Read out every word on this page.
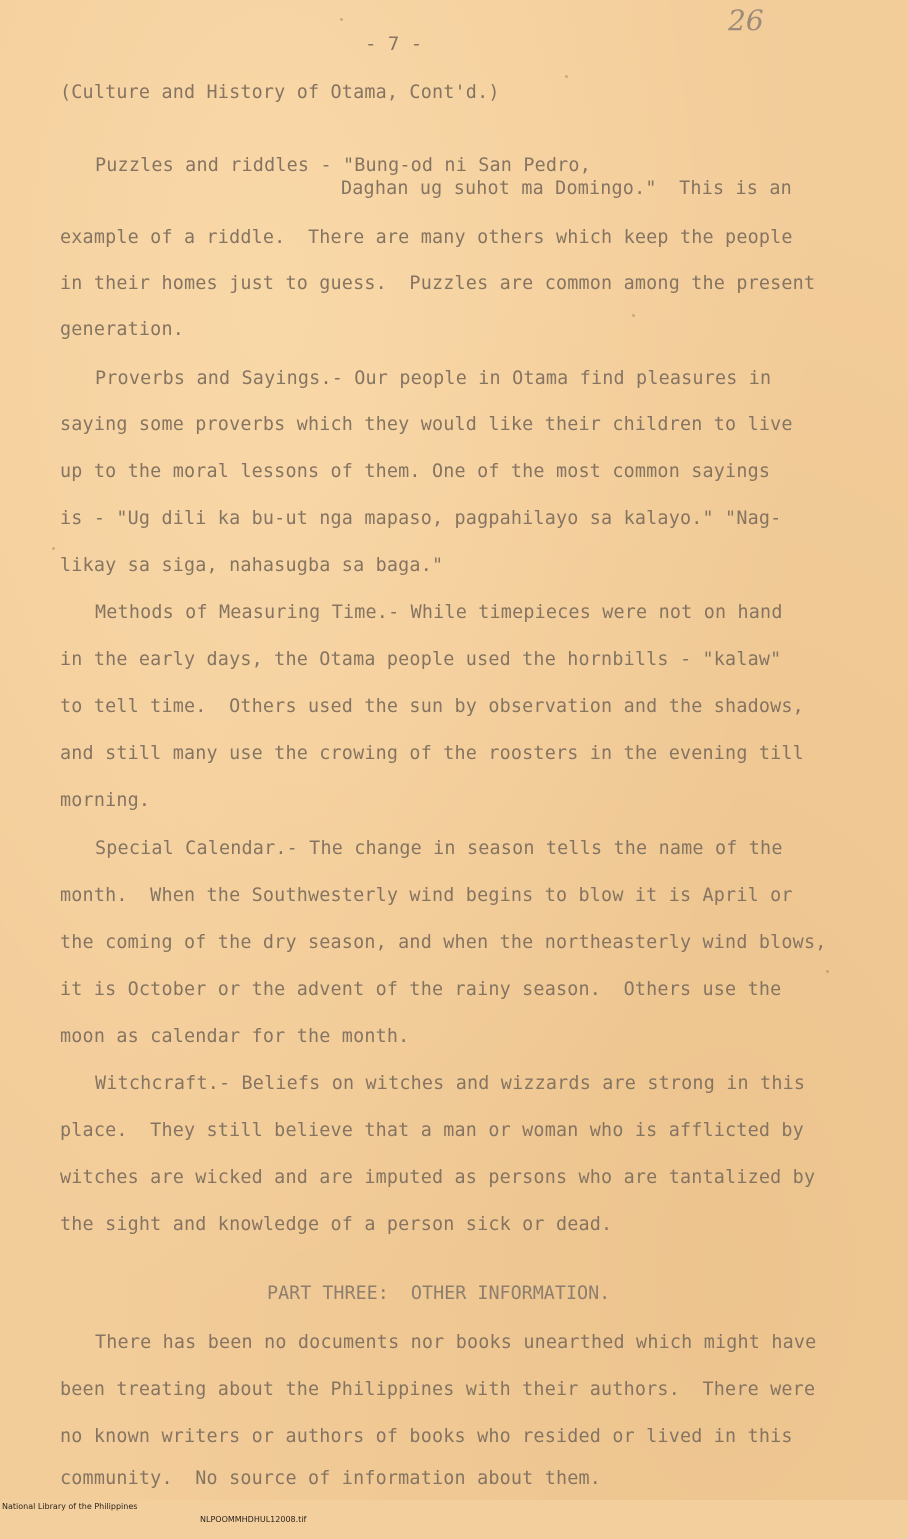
26
- 7 -
(Culture and History of Otama, Cont'd.)
Puzzles and riddles - "Bung-od ni San Pedro,
Daghan ug suhot ma Domingo."  This is an
example of a riddle.  There are many others which keep the people
in their homes just to guess.  Puzzles are common among the present
generation.
Proverbs and Sayings.- Our people in Otama find pleasures in
saying some proverbs which they would like their children to live
up to the moral lessons of them. One of the most common sayings
is - "Ug dili ka bu-ut nga mapaso, pagpahilayo sa kalayo." "Nag-
likay sa siga, nahasugba sa baga."
Methods of Measuring Time.- While timepieces were not on hand
in the early days, the Otama people used the hornbills - "kalaw"
to tell time.  Others used the sun by observation and the shadows,
and still many use the crowing of the roosters in the evening till
morning.
Special Calendar.- The change in season tells the name of the
month.  When the Southwesterly wind begins to blow it is April or
the coming of the dry season, and when the northeasterly wind blows,
it is October or the advent of the rainy season.  Others use the
moon as calendar for the month.
Witchcraft.- Beliefs on witches and wizzards are strong in this
place.  They still believe that a man or woman who is afflicted by
witches are wicked and are imputed as persons who are tantalized by
the sight and knowledge of a person sick or dead.
PART THREE:  OTHER INFORMATION.
There has been no documents nor books unearthed which might have
been treating about the Philippines with their authors.  There were
no known writers or authors of books who resided or lived in this
community.  No source of information about them.

National Library of the Philippines

NLPOOMMHDHUL12008.tif
